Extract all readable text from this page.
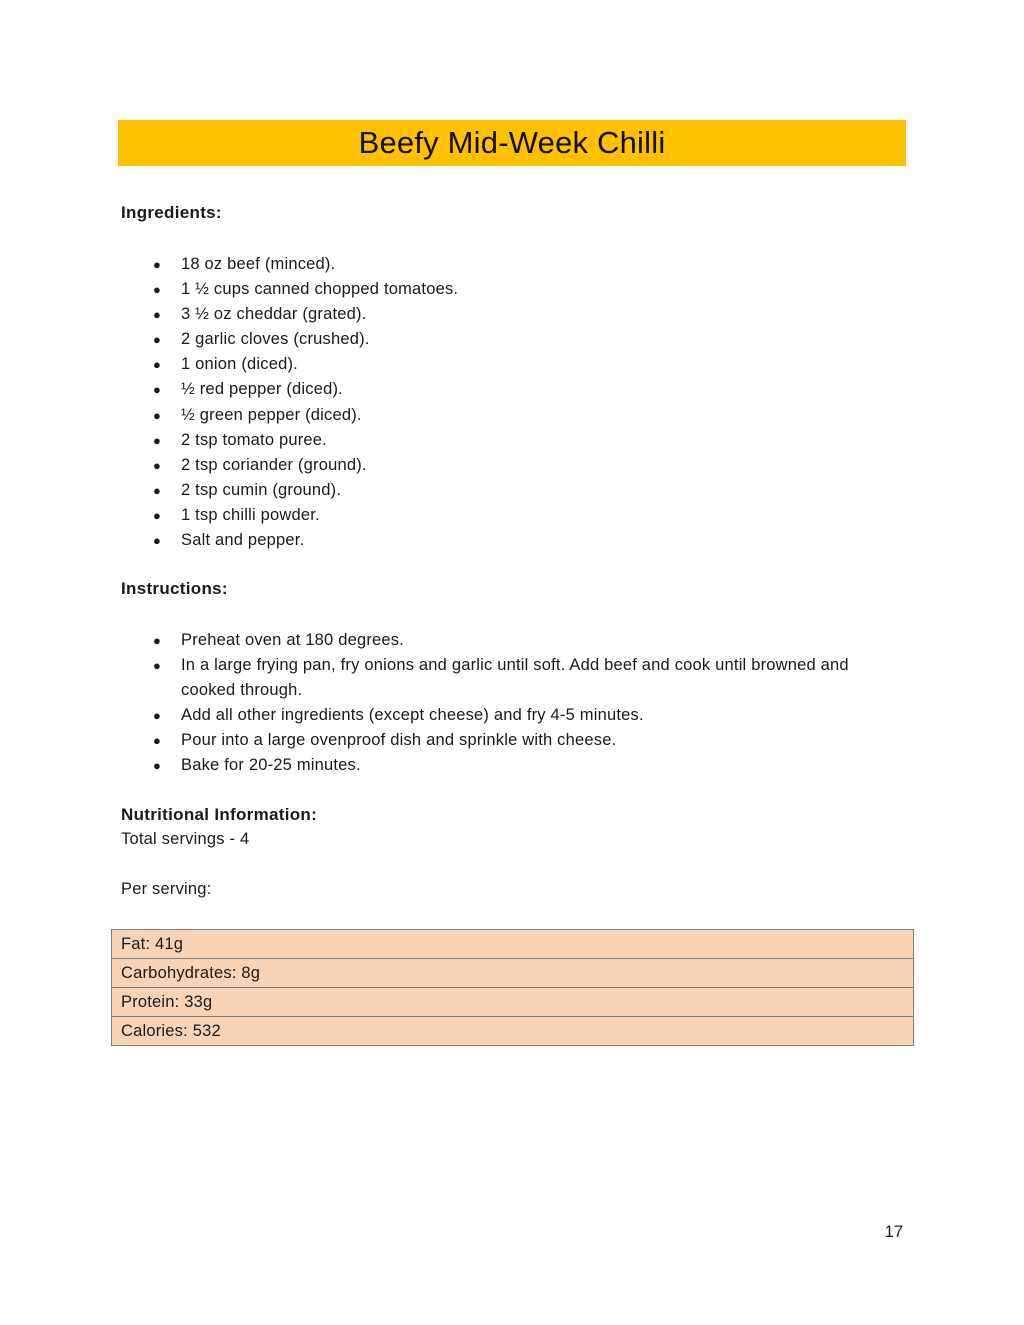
Beefy Mid-Week Chilli
Ingredients:
● 18 oz beef (minced).
● 1 ½ cups canned chopped tomatoes.
● 3 ½ oz cheddar (grated).
● 2 garlic cloves (crushed).
● 1 onion (diced).
● ½ red pepper (diced).
● ½ green pepper (diced).
● 2 tsp tomato puree.
● 2 tsp coriander (ground).
● 2 tsp cumin (ground).
● 1 tsp chilli powder.
● Salt and pepper.
Instructions:
● Preheat oven at 180 degrees.
● In a large frying pan, fry onions and garlic until soft. Add beef and cook until browned and cooked through.
● Add all other ingredients (except cheese) and fry 4-5 minutes.
● Pour into a large ovenproof dish and sprinkle with cheese.
● Bake for 20-25 minutes.
Nutritional Information:

Total servings - 4

Per serving:

Fat: 41g
Carbohydrates: 8g
Protein: 33g
Calories: 532
17
